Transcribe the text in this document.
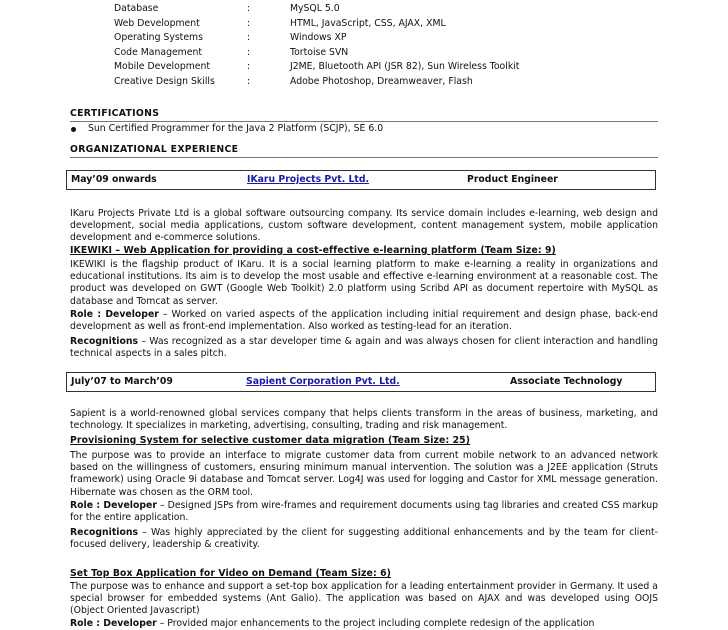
Database	:	MySQL 5.0
Web Development	:	HTML, JavaScript, CSS, AJAX, XML
Operating Systems	:	Windows XP
Code Management	:	Tortoise SVN
Mobile Development	:	J2ME, Bluetooth API (JSR 82), Sun Wireless Toolkit
Creative Design Skills	:	Adobe Photoshop, Dreamweaver, Flash
CERTIFICATIONS
Sun Certified Programmer for the Java 2 Platform (SCJP), SE 6.0
ORGANIZATIONAL EXPERIENCE
May’09 onwards	IKaru Projects Pvt. Ltd.	Product Engineer

IKaru Projects Private Ltd is a global software outsourcing company. Its service domain includes e-learning, web design and development, social media applications, custom software development, content management system, mobile application development and e-commerce solutions.

IKEWIKI – Web Application for providing a cost-effective e-learning platform (Team Size: 9)

IKEWIKI is the flagship product of IKaru. It is a social learning platform to make e-learning a reality in organizations and educational institutions. Its aim is to develop the most usable and effective e-learning environment at a reasonable cost. The product was developed on GWT (Google Web Toolkit) 2.0 platform using Scribd API as document repertoire with MySQL as database and Tomcat as server.

Role : Developer – Worked on varied aspects of the application including initial requirement and design phase, back-end development as well as front-end implementation. Also worked as testing-lead for an iteration.

Recognitions – Was recognized as a star developer time & again and was always chosen for client interaction and handling technical aspects in a sales pitch.

July’07 to March’09	Sapient Corporation Pvt. Ltd.	Associate Technology

Sapient is a world-renowned global services company that helps clients transform in the areas of business, marketing, and technology. It specializes in marketing, advertising, consulting, trading and risk management.

Provisioning System for selective customer data migration (Team Size: 25)

The purpose was to provide an interface to migrate customer data from current mobile network to an advanced network based on the willingness of customers, ensuring minimum manual intervention. The solution was a J2EE application (Struts framework) using Oracle 9i database and Tomcat server. Log4J was used for logging and Castor for XML message generation. Hibernate was chosen as the ORM tool.

Role : Developer – Designed JSPs from wire-frames and requirement documents using tag libraries and created CSS markup for the entire application.

Recognitions – Was highly appreciated by the client for suggesting additional enhancements and by the team for client-focused delivery, leadership & creativity.

Set Top Box Application for Video on Demand (Team Size: 6)

The purpose was to enhance and support a set-top box application for a leading entertainment provider in Germany. It used a special browser for embedded systems (Ant Galio). The application was based on AJAX and was developed using OOJS (Object Oriented Javascript)

Role : Developer – Provided major enhancements to the project including complete redesign of the application
